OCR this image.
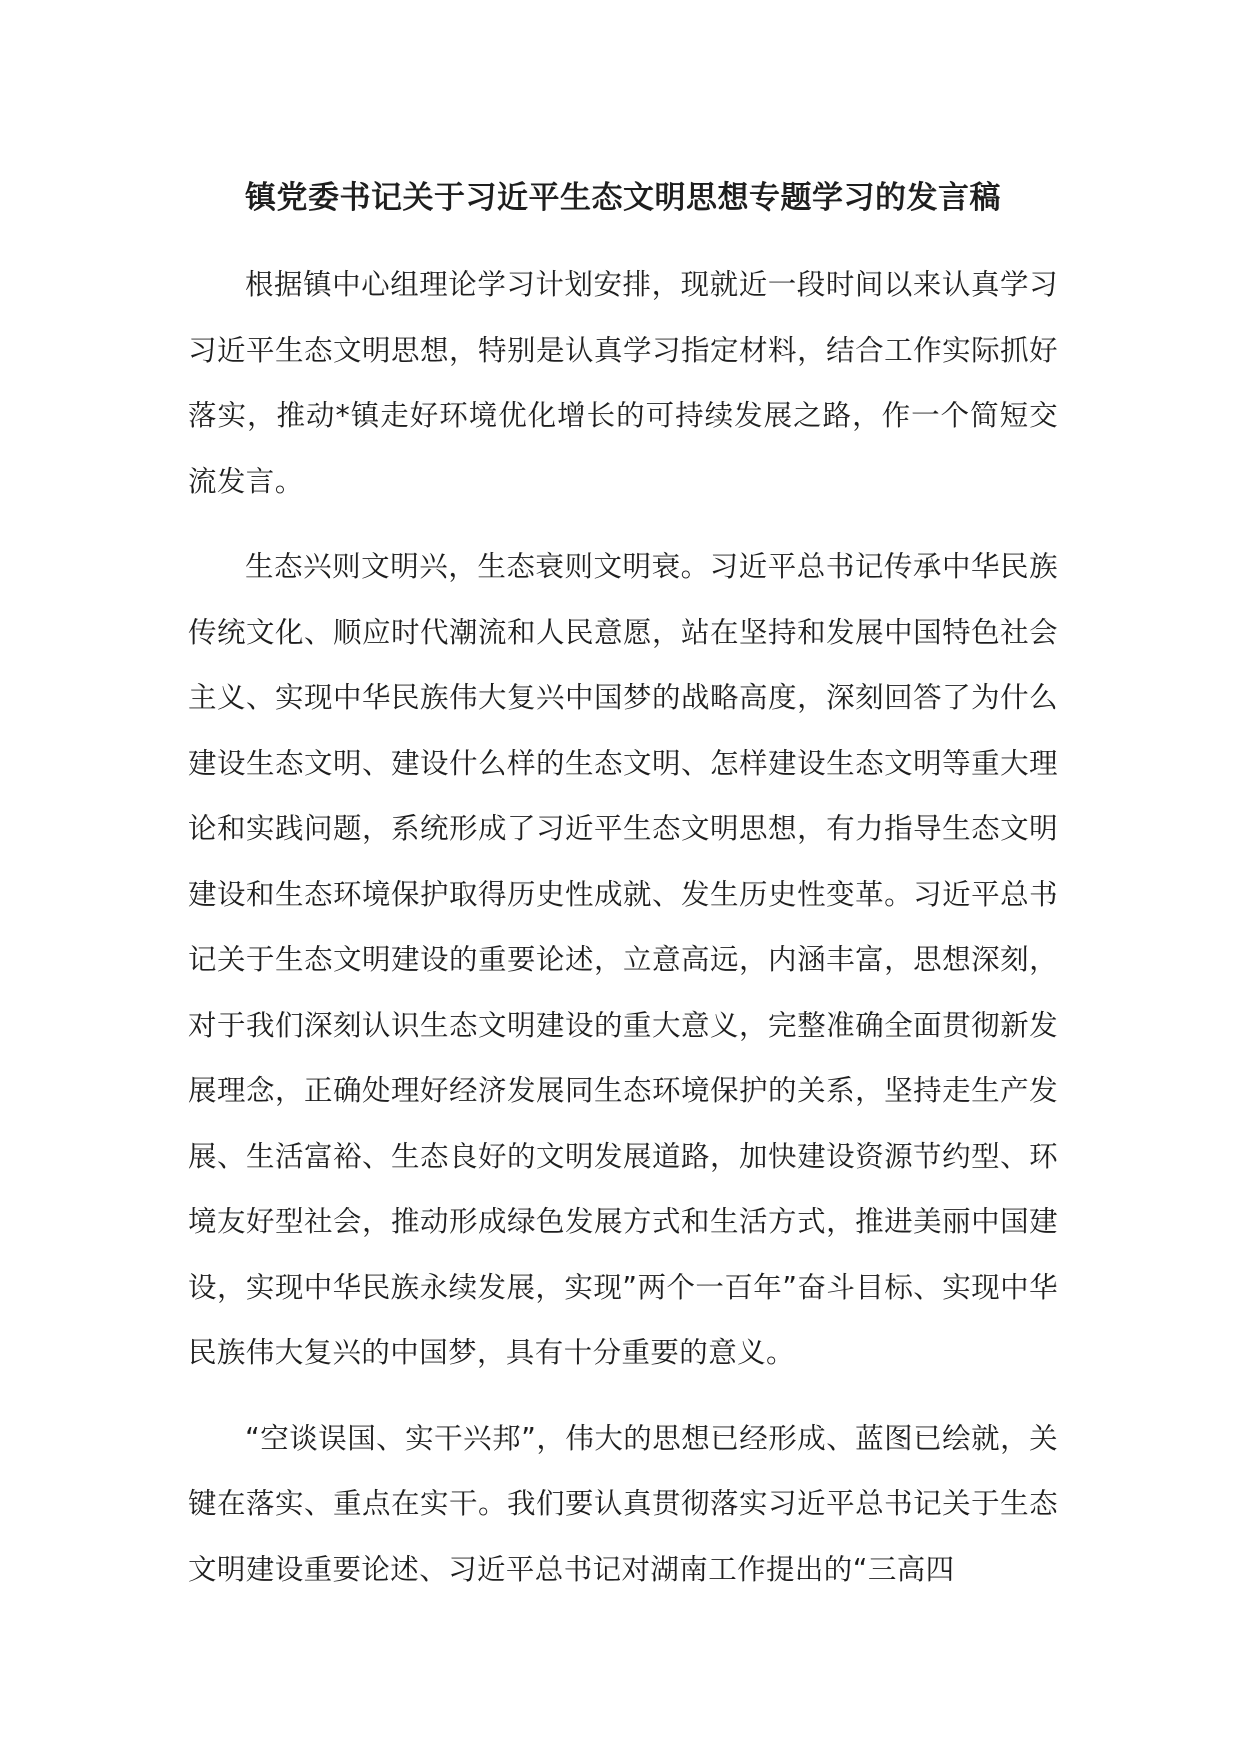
镇党委书记关于习近平生态文明思想专题学习的发言稿

根据镇中心组理论学习计划安排，现就近一段时间以来认真学习习近平生态文明思想，特别是认真学习指定材料，结合工作实际抓好落实，推动*镇走好环境优化增长的可持续发展之路，作一个简短交流发言。

生态兴则文明兴，生态衰则文明衰。习近平总书记传承中华民族传统文化、顺应时代潮流和人民意愿，站在坚持和发展中国特色社会主义、实现中华民族伟大复兴中国梦的战略高度，深刻回答了为什么建设生态文明、建设什么样的生态文明、怎样建设生态文明等重大理论和实践问题，系统形成了习近平生态文明思想，有力指导生态文明建设和生态环境保护取得历史性成就、发生历史性变革。习近平总书记关于生态文明建设的重要论述，立意高远，内涵丰富，思想深刻，对于我们深刻认识生态文明建设的重大意义，完整准确全面贯彻新发展理念，正确处理好经济发展同生态环境保护的关系，坚持走生产发展、生活富裕、生态良好的文明发展道路，加快建设资源节约型、环境友好型社会，推动形成绿色发展方式和生活方式，推进美丽中国建设，实现中华民族永续发展，实现”两个一百年”奋斗目标、实现中华民族伟大复兴的中国梦，具有十分重要的意义。

“空谈误国、实干兴邦”，伟大的思想已经形成、蓝图已绘就，关键在落实、重点在实干。我们要认真贯彻落实习近平总书记关于生态文明建设重要论述、习近平总书记对湖南工作提出的“三高四
